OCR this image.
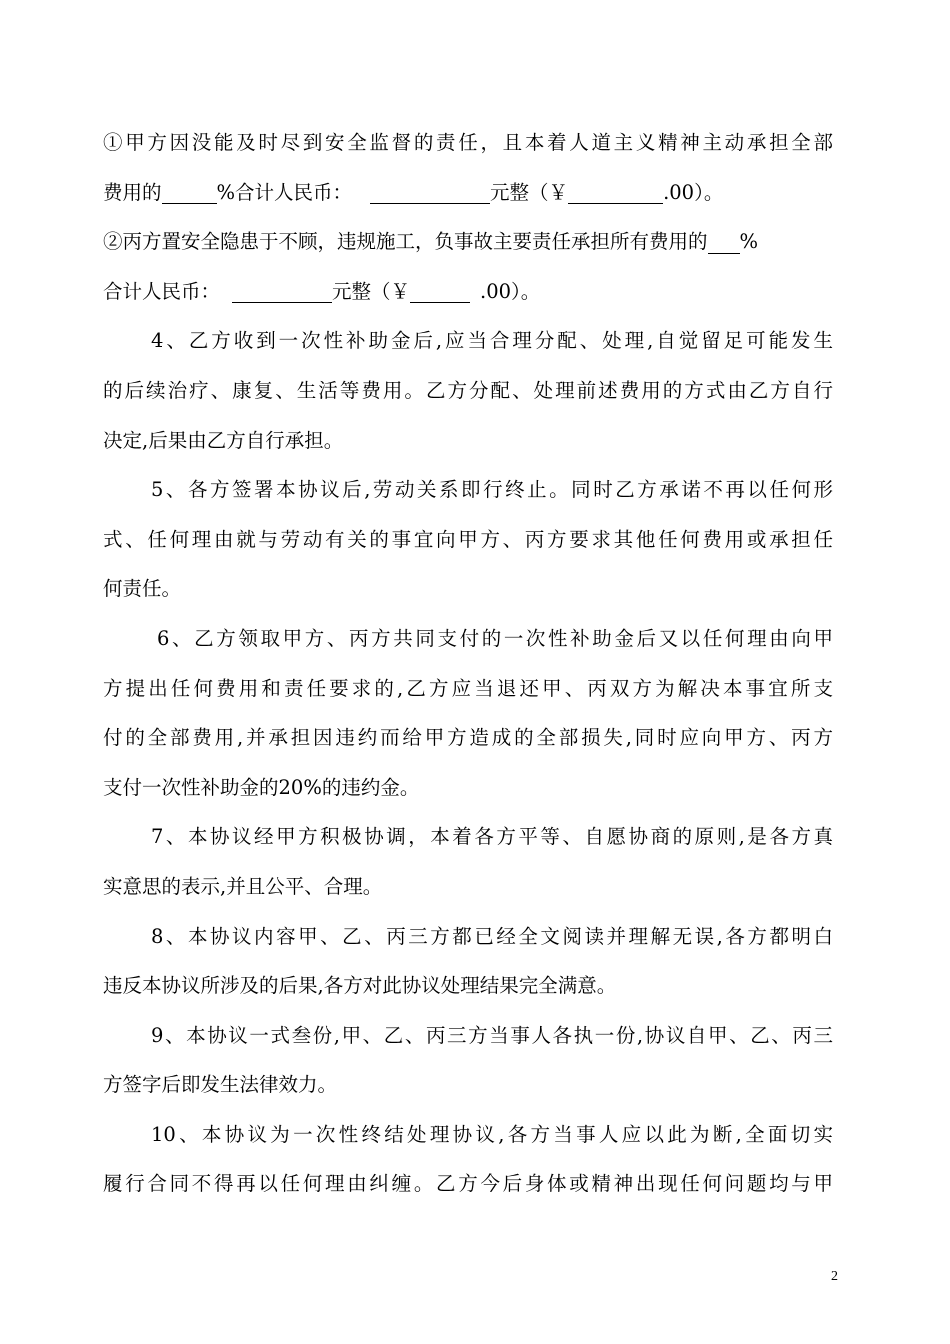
①甲方因没能及时尽到安全监督的责任，且本着人道主义精神主动承担全部
费用的	%合计人民币：	元整（￥	.00）。
②丙方置安全隐患于不顾，违规施工，负事故主要责任承担所有费用的 %
合计人民币：	元整（￥	.00）。
4、乙方收到一次性补助金后,应当合理分配、处理,自觉留足可能发生
的后续治疗、康复、生活等费用。乙方分配、处理前述费用的方式由乙方自行
决定,后果由乙方自行承担。
5、各方签署本协议后,劳动关系即行终止。同时乙方承诺不再以任何形
式、任何理由就与劳动有关的事宜向甲方、丙方要求其他任何费用或承担任
何责任。
6、乙方领取甲方、丙方共同支付的一次性补助金后又以任何理由向甲
方提出任何费用和责任要求的,乙方应当退还甲、丙双方为解决本事宜所支
付的全部费用,并承担因违约而给甲方造成的全部损失,同时应向甲方、丙方
支付一次性补助金的20%的违约金。
7、本协议经甲方积极协调，本着各方平等、自愿协商的原则,是各方真
实意思的表示,并且公平、合理。
8、本协议内容甲、乙、丙三方都已经全文阅读并理解无误,各方都明白
违反本协议所涉及的后果,各方对此协议处理结果完全满意。
9、本协议一式叁份,甲、乙、丙三方当事人各执一份,协议自甲、乙、丙三
方签字后即发生法律效力。
10、本协议为一次性终结处理协议,各方当事人应以此为断,全面切实
履行合同不得再以任何理由纠缠。乙方今后身体或精神出现任何问题均与甲
2
